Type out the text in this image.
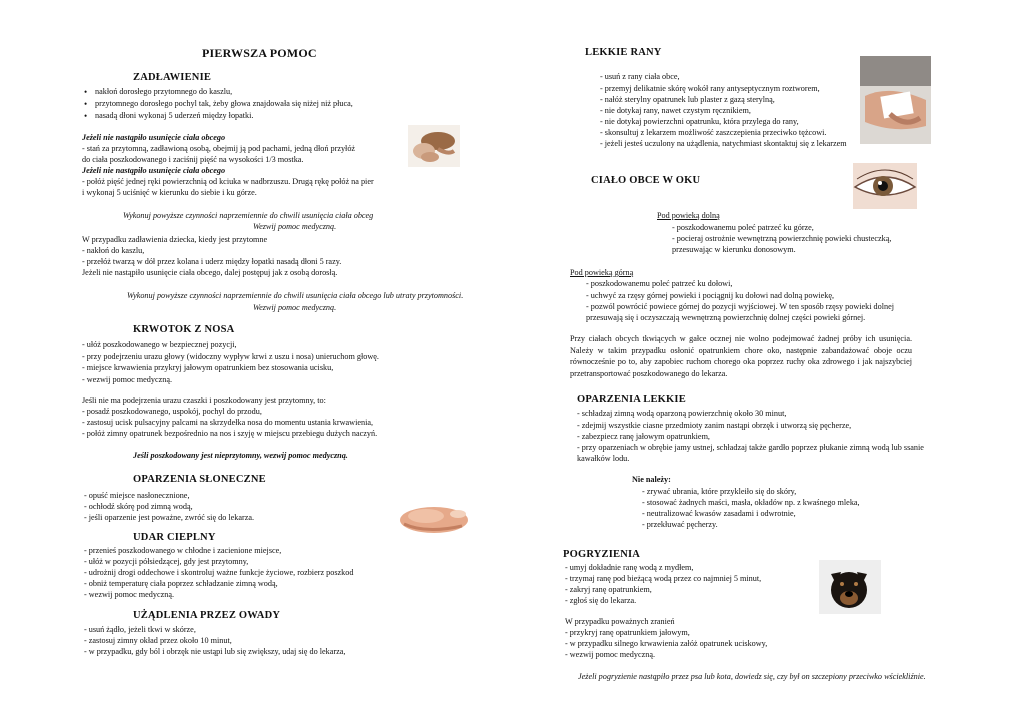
PIERWSZA POMOC
ZADŁAWIENIE
• nakłoń dorosłego przytomnego do kaszlu,
• przytomnego dorosłego pochyl tak, żeby głowa znajdowała się niżej niż płuca,
• nasadą dłoni wykonaj 5 uderzeń między łopatki.
Jeżeli nie nastąpiło usunięcie ciała obcego
- stań za przytomną, zadławioną osobą, obejmij ją pod pachami, jedną dłoń przyłóż
do ciała poszkodowanego i zaciśnij pięść na wysokości 1/3 mostka.
Jeżeli nie nastąpiło usunięcie ciała obcego
- połóż pięść jednej ręki powierzchnią od kciuka w nadbrzuszu. Drugą rękę połóż na pier
i wykonaj 5 uciśnięć w kierunku do siebie i ku górze.
Wykonuj powyższe czynności naprzemiennie do chwili usunięcia ciała obceg
Wezwij pomoc medyczną.
W przypadku zadławienia dziecka, kiedy jest przytomne
- nakłoń do kaszlu,
- przełóż twarzą w dół przez kolana i uderz między łopatki nasadą dłoni 5 razy.
Jeżeli nie nastąpiło usunięcie ciała obcego, dalej postępuj jak z osobą dorosłą.
Wykonuj powyższe czynności naprzemiennie do chwili usunięcia ciała obcego lub utraty przytomności.
Wezwij pomoc medyczną.
KRWOTOK Z NOSA
- ułóż poszkodowanego w bezpiecznej pozycji,
- przy podejrzeniu urazu głowy (widoczny wypływ krwi z uszu i nosa) unieruchom głowę.
- miejsce krwawienia przykryj jałowym opatrunkiem bez stosowania ucisku,
- wezwij pomoc medyczną.
Jeśli nie ma podejrzenia urazu czaszki i poszkodowany jest przytomny, to:
- posadź poszkodowanego, uspokój, pochyl do przodu,
- zastosuj ucisk pulsacyjny palcami na skrzydełka nosa do momentu ustania krwawienia,
- połóż zimny opatrunek bezpośrednio na nos i szyję w miejscu przebiegu dużych naczyń.
Jeśli poszkodowany jest nieprzytomny, wezwij pomoc medyczną.
OPARZENIA SŁONECZNE
- opuść miejsce nasłonecznione,
- ochłodź skórę pod zimną wodą,
- jeśli oparzenie jest poważne, zwróć się do lekarza.
UDAR CIEPLNY
- przenieś poszkodowanego w chłodne i zacienione miejsce,
- ułóż w pozycji półsiedzącej, gdy jest przytomny,
- udrożnij drogi oddechowe i skontroluj ważne funkcje życiowe, rozbierz poszkod
- obniż temperaturę ciała poprzez schładzanie zimną wodą,
- wezwij pomoc medyczną.
UŻĄDLENIA PRZEZ OWADY
- usuń żądło, jeżeli tkwi w skórze,
- zastosuj zimny okład przez około 10 minut,
- w przypadku, gdy ból i obrzęk nie ustąpi lub się zwiększy, udaj się do lekarza,
LEKKIE RANY
- usuń z rany ciała obce,
- przemyj delikatnie skórę wokół rany antyseptycznym roztworem,
- nałóż sterylny opatrunek lub plaster z gazą sterylną,
- nie dotykaj rany, nawet czystym ręcznikiem,
- nie dotykaj powierzchni opatrunku, która przylega do rany,
- skonsultuj z lekarzem możliwość zaszczepienia przeciwko tężcowi.
- jeżeli jesteś uczulony na użądlenia, natychmiast skontaktuj się z lekarzem
CIAŁO OBCE W OKU
Pod powieką dolną
- poszkodowanemu poleć patrzeć ku górze,
- pocieraj ostrożnie wewnętrzną powierzchnię powieki chusteczką,
przesuwając w kierunku donosowym.
Pod powieką górną
- poszkodowanemu poleć patrzeć ku dołowi,
- uchwyć za rzęsy górnej powieki i pociągnij ku dołowi nad dolną powiekę,
- pozwól powrócić powiece górnej do pozycji wyjściowej. W ten sposób rzęsy powieki dolnej
przesuwają się i oczyszczają wewnętrzną powierzchnię dolnej części powieki górnej.
Przy ciałach obcych tkwiących w gałce ocznej nie wolno podejmować żadnej próby ich usunięcia. Należy w takim przypadku osłonić opatrunkiem chore oko, następnie zabandażować oboje oczu równocześnie po to, aby zapobiec ruchom chorego oka poprzez ruchy oka zdrowego i jak najszybciej przetransportować poszkodowanego do lekarza.
OPARZENIA LEKKIE
- schładzaj zimną wodą oparzoną powierzchnię około 30 minut,
- zdejmij wszystkie ciasne przedmioty zanim nastąpi obrzęk i utworzą się pęcherze,
- zabezpiecz ranę jałowym opatrunkiem,
- przy oparzeniach w obrębie jamy ustnej, schładzaj także gardło poprzez płukanie zimną wodą lub ssanie
kawałków lodu.
Nie należy:
- zrywać ubrania, które przykleiło się do skóry,
- stosować żadnych maści, masła, okładów np. z kwaśnego mleka,
- neutralizować kwasów zasadami i odwrotnie,
- przekłuwać pęcherzy.
POGRYZIENIA
- umyj dokładnie ranę wodą z mydłem,
- trzymaj ranę pod bieżącą wodą przez co najmniej 5 minut,
- zakryj ranę opatrunkiem,
- zgłoś się do lekarza.
W przypadku poważnych zranień
- przykryj ranę opatrunkiem jałowym,
- w przypadku silnego krwawienia załóż opatrunek uciskowy,
- wezwij pomoc medyczną.
Jeżeli pogryzienie nastąpiło przez psa lub kota, dowiedz się, czy był on szczepiony przeciwko wściekliźnie.
